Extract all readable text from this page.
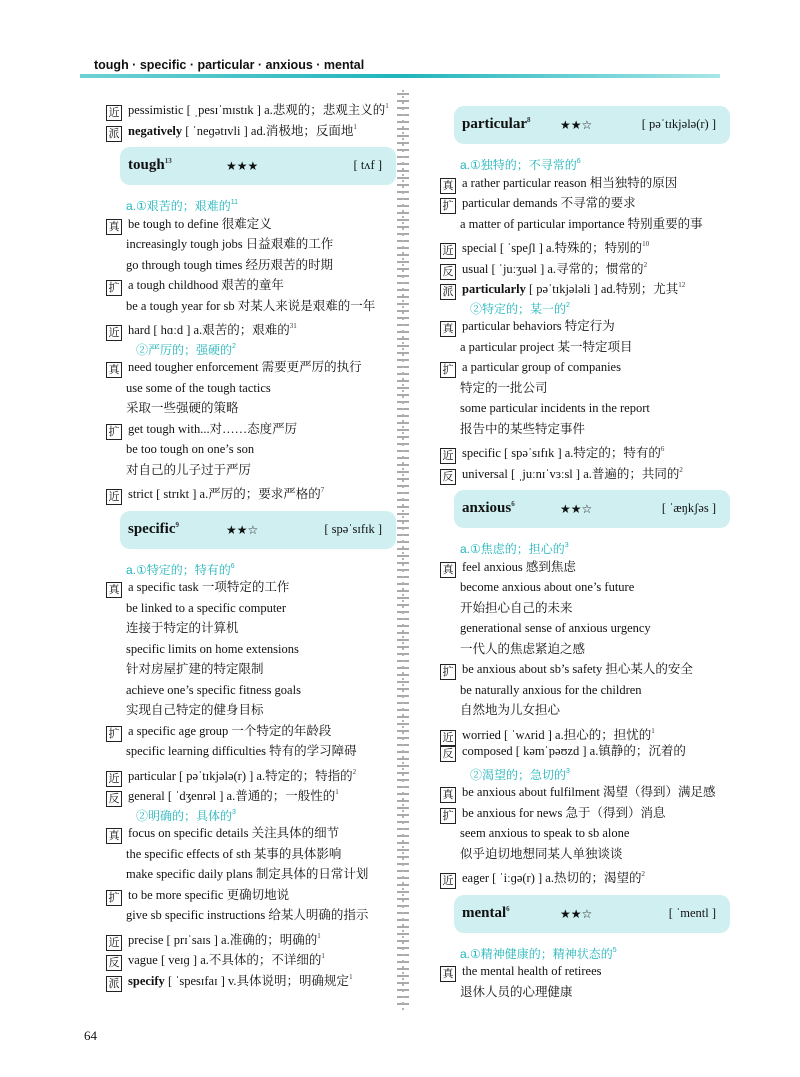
tough · specific · particular · anxious · mental
近 pessimistic [ ˌpesɪˈmɪstɪk ] a.悲观的；悲观主义的$^1$
派 negatively [ ˈneɡətɪvli ] ad.消极地；反面地$^1$
tough$^{13}$	★★★	[ tʌf ]
a.①艰苦的；艰难的$^{11}$
真 be tough to define 很难定义
increasingly tough jobs 日益艰难的工作
go through tough times 经历艰苦的时期
扩 a tough childhood 艰苦的童年
be a tough year for sb 对某人来说是艰难的一年
近 hard [ hɑːd ] a.艰苦的；艰难的$^{31}$
②严厉的；强硬的$^2$
真 need tougher enforcement 需要更严厉的执行
use some of the tough tactics
采取一些强硬的策略
扩 get tough with...对……态度严厉
be too tough on one’s son
对自己的儿子过于严厉
近 strict [ strɪkt ] a.严厉的；要求严格的$^7$
specific$^9$	★★☆	[ spəˈsɪfɪk ]
a.①特定的；特有的$^6$
真 a specific task 一项特定的工作
be linked to a specific computer
连接于特定的计算机
specific limits on home extensions
针对房屋扩建的特定限制
achieve one’s specific fitness goals
实现自己特定的健身目标
扩 a specific age group 一个特定的年龄段
specific learning difficulties 特有的学习障碍
近 particular [ pəˈtɪkjələ(r) ] a.特定的；特指的$^2$
反 general [ ˈdʒenrəl ] a.普通的；一般性的$^1$
②明确的；具体的$^3$
真 focus on specific details 关注具体的细节
the specific effects of sth 某事的具体影响
make specific daily plans 制定具体的日常计划
扩 to be more specific 更确切地说
give sb specific instructions 给某人明确的指示
近 precise [ prɪˈsaɪs ] a.准确的；明确的$^1$
反 vague [ veɪɡ ] a.不具体的；不详细的$^1$
派 specify [ ˈspesɪfaɪ ] v.具体说明；明确规定$^1$
particular$^8$ ★★☆	[ pəˈtɪkjələ(r) ]
a.①独特的；不寻常的$^6$
真 a rather particular reason 相当独特的原因
扩 particular demands 不寻常的要求
a matter of particular importance 特别重要的事
近 special [ ˈspeʃl ] a.特殊的；特别的$^{10}$
反 usual [ ˈjuːʒuəl ] a.寻常的；惯常的$^2$
派 particularly [ pəˈtɪkjələli ] ad.特别；尤其$^{12}$
②特定的；某一的$^2$
真 particular behaviors 特定行为
a particular project 某一特定项目
扩 a particular group of companies
特定的一批公司
some particular incidents in the report
报告中的某些特定事件
近 specific [ spəˈsɪfɪk ] a.特定的；特有的$^6$
反 universal [ ˌjuːnɪˈvɜːsl ] a.普遍的；共同的$^2$
anxious$^6$	★★☆	[ ˈæŋkʃəs ]
a.①焦虑的；担心的$^3$
真 feel anxious 感到焦虑
become anxious about one’s future
开始担心自己的未来
generational sense of anxious urgency
一代人的焦虑紧迫之感
扩 be anxious about sb’s safety 担心某人的安全
be naturally anxious for the children
自然地为儿女担心
近 worried [ ˈwʌrid ] a.担心的；担忧的$^1$
反 composed [ kəmˈpəʊzd ] a.镇静的；沉着的
②渴望的；急切的$^3$
真 be anxious about fulfilment 渴望（得到）满足感
扩 be anxious for news 急于（得到）消息
seem anxious to speak to sb alone
似乎迫切地想同某人单独谈谈
近 eager [ ˈiːɡə(r) ] a.热切的；渴望的$^2$
mental$^6$	★★☆	[ ˈmentl ]
a.①精神健康的；精神状态的$^5$
真 the mental health of retirees
退休人员的心理健康
64
